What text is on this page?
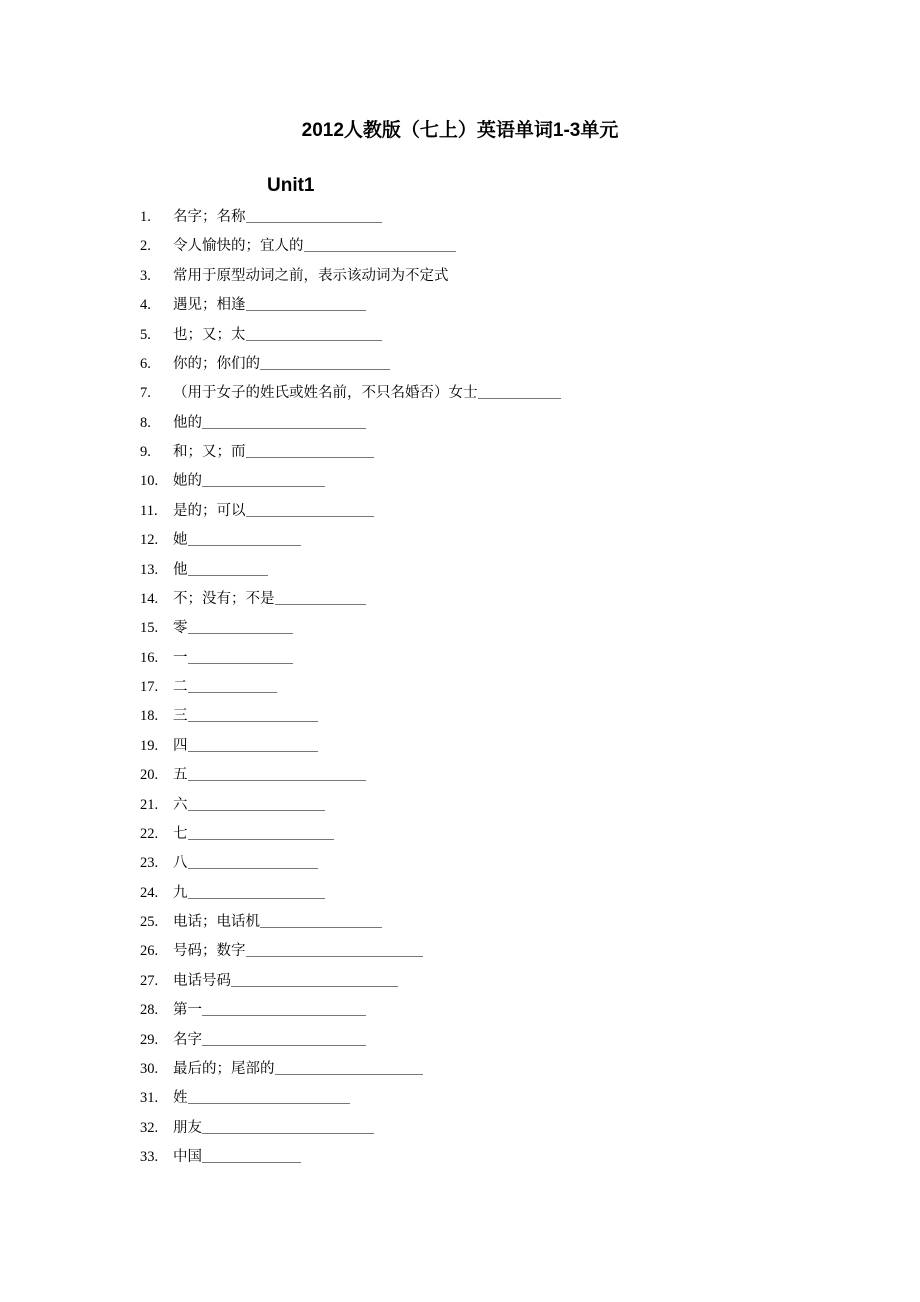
2012人教版（七上）英语单词1-3单元
Unit1
1.	名字；名称
2.	令人愉快的；宜人的
3.	常用于原型动词之前，表示该动词为不定式
4.	遇见；相逢
5.	也；又；太
6.	你的；你们的
7.	（用于女子的姓氏或姓名前，不只名婚否）女士
8.	他的
9.	和；又；而
10.	她的
11.	是的；可以
12.	她
13.	他
14.	不；没有；不是
15.	零
16.	一
17.	二
18.	三
19.	四
20.	五
21.	六
22.	七
23.	八
24.	九
25.	电话；电话机
26.	号码；数字
27.	电话号码
28.	第一
29.	名字
30.	最后的；尾部的
31.	姓
32.	朋友
33.	中国
